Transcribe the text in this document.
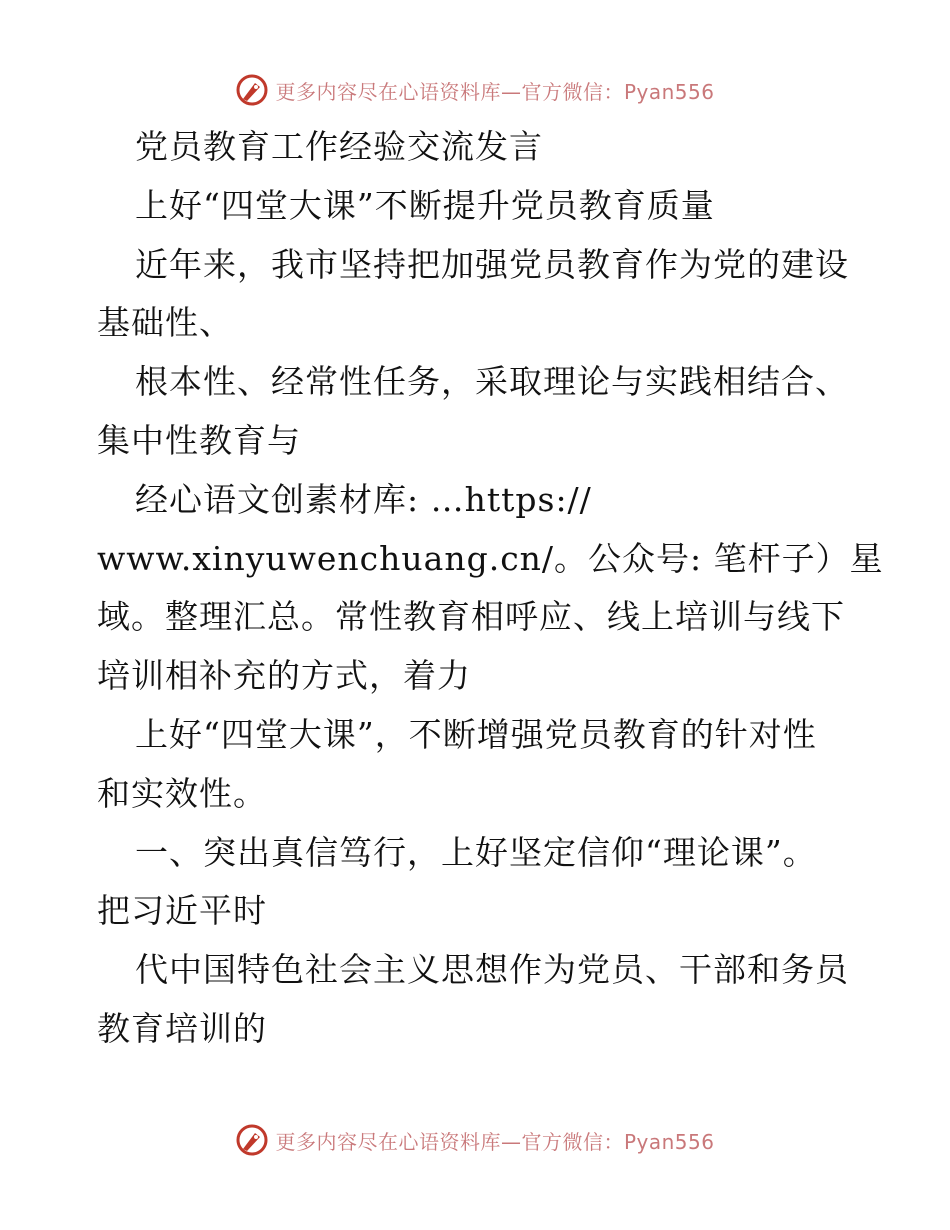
更多内容尽在心语资料库—官方微信：Pyan556
党员教育工作经验交流发言
上好“四堂大课”不断提升党员教育质量
近年来，我市坚持把加强党员教育作为党的建设
基础性、
根本性、经常性任务，采取理论与实践相结合、
集中性教育与
经心语文创素材库: …https://
www.xinyuwenchuang.cn/。公众号: 笔杆子）星
域。整理汇总。常性教育相呼应、线上培训与线下
培训相补充的方式，着力
上好“四堂大课”，不断增强党员教育的针对性
和实效性。
一、突出真信笃行，上好坚定信仰“理论课”。
把习近平时
代中国特色社会主义思想作为党员、干部和务员
教育培训的
更多内容尽在心语资料库—官方微信：Pyan556
